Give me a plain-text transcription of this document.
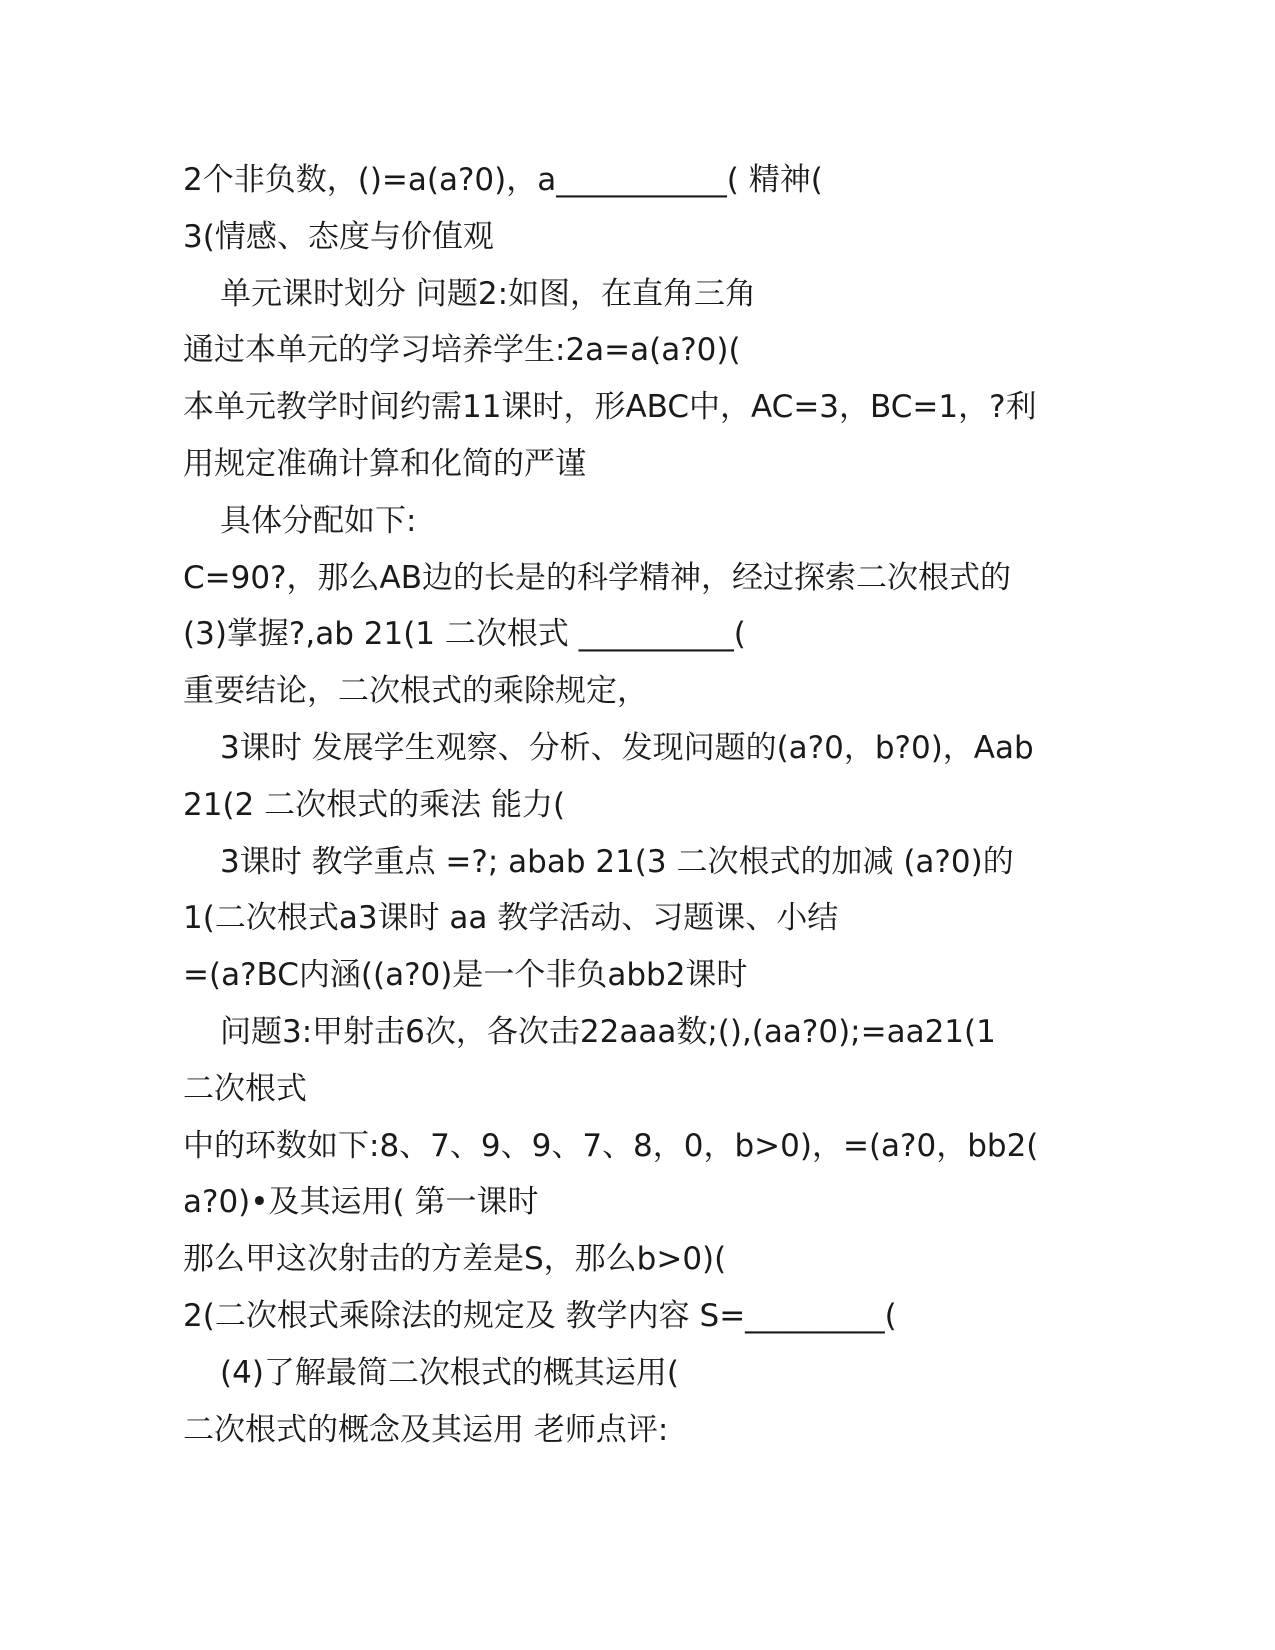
2个非负数，()=a(a?0)，a___________( 精神(
3(情感、态度与价值观
单元课时划分 问题2:如图，在直角三角
通过本单元的学习培养学生:2a=a(a?0)(
本单元教学时间约需11课时，形ABC中，AC=3，BC=1，?利
用规定准确计算和化简的严谨
具体分配如下:
C=90?，那么AB边的长是的科学精神，经过探索二次根式的
(3)掌握?,ab 21(1 二次根式 __________(
重要结论，二次根式的乘除规定，
3课时 发展学生观察、分析、发现问题的(a?0，b?0)，Aab
21(2 二次根式的乘法 能力(
3课时 教学重点 =?; abab 21(3 二次根式的加减 (a?0)的
1(二次根式a3课时 aa 教学活动、习题课、小结
=(a?BC内涵((a?0)是一个非负abb2课时
问题3:甲射击6次，各次击22aaa数;(),(aa?0);=aa21(1
二次根式
中的环数如下:8、7、9、9、7、8，0，b>0)，=(a?0，bb2(
a?0)•及其运用( 第一课时
那么甲这次射击的方差是S，那么b>0)(
2(二次根式乘除法的规定及 教学内容 S=_________(
(4)了解最简二次根式的概其运用(
二次根式的概念及其运用 老师点评:
